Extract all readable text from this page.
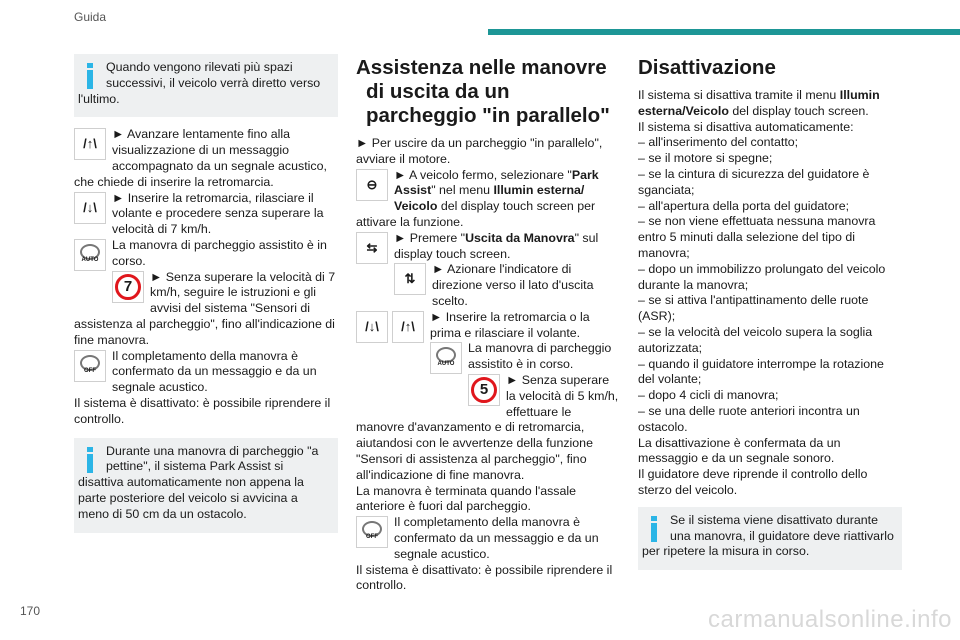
Guida
170	carmanualsonline.info
Quando vengono rilevati più spazi successivi, il veicolo verrà diretto verso l'ultimo.

/↑\
► Avanzare lentamente fino alla visualizzazione di un messaggio accompagnato da un segnale acustico, che chiede di inserire la retromarcia.

/↓\
► Inserire la retromarcia, rilasciare il volante e procedere senza superare la velocità di 7 km/h.

AUTO
La manovra di parcheggio assistito è in corso.

7
► Senza superare la velocità di 7 km/h, seguire le istruzioni e gli avvisi del sistema "Sensori di assistenza al parcheggio", fino all'indicazione di fine manovra.

OFF
Il completamento della manovra è confermato da un messaggio e da un segnale acustico.

Il sistema è disattivato: è possibile riprendere il controllo.

Durante una manovra di parcheggio "a pettine", il sistema Park Assist si disattiva automaticamente non appena la parte posteriore del veicolo si avvicina a meno di 50 cm da un ostacolo.
Assistenza nelle manovre di uscita da un parcheggio "in parallelo"

► Per uscire da un parcheggio "in parallelo", avviare il motore.

⊖
► A veicolo fermo, selezionare "Park Assist" nel menu Illumin esterna/ Veicolo del display touch screen per attivare la funzione.

⇆
► Premere "Uscita da Manovra" sul display touch screen.

⇅
► Azionare l'indicatore di direzione verso il lato d'uscita scelto.

/↓\	/↑\
► Inserire la retromarcia o la prima e rilasciare il volante.

AUTO
La manovra di parcheggio assistito è in corso.

5
► Senza superare la velocità di 5 km/h, effettuare le manovre d'avanzamento e di retromarcia, aiutandosi con le avvertenze della funzione "Sensori di assistenza al parcheggio", fino all'indicazione di fine manovra.

La manovra è terminata quando l'assale anteriore è fuori dal parcheggio.

OFF
Il completamento della manovra è confermato da un messaggio e da un segnale acustico.

Il sistema è disattivato: è possibile riprendere il controllo.

Disattivazione

Il sistema si disattiva tramite il menu Illumin esterna/Veicolo del display touch screen.

Il sistema si disattiva automaticamente:

– all'inserimento del contatto;

– se il motore si spegne;

– se la cintura di sicurezza del guidatore è sganciata;

– all'apertura della porta del guidatore;

– se non viene effettuata nessuna manovra entro 5 minuti dalla selezione del tipo di manovra;

– dopo un immobilizzo prolungato del veicolo durante la manovra;

– se si attiva l'antipattinamento delle ruote (ASR);

– se la velocità del veicolo supera la soglia autorizzata;

– quando il guidatore interrompe la rotazione del volante;

– dopo 4 cicli di manovra;

– se una delle ruote anteriori incontra un ostacolo.

La disattivazione è confermata da un messaggio e da un segnale sonoro.

Il guidatore deve riprende il controllo dello sterzo del veicolo.

Se il sistema viene disattivato durante una manovra, il guidatore deve riattivarlo per ripetere la misura in corso.
